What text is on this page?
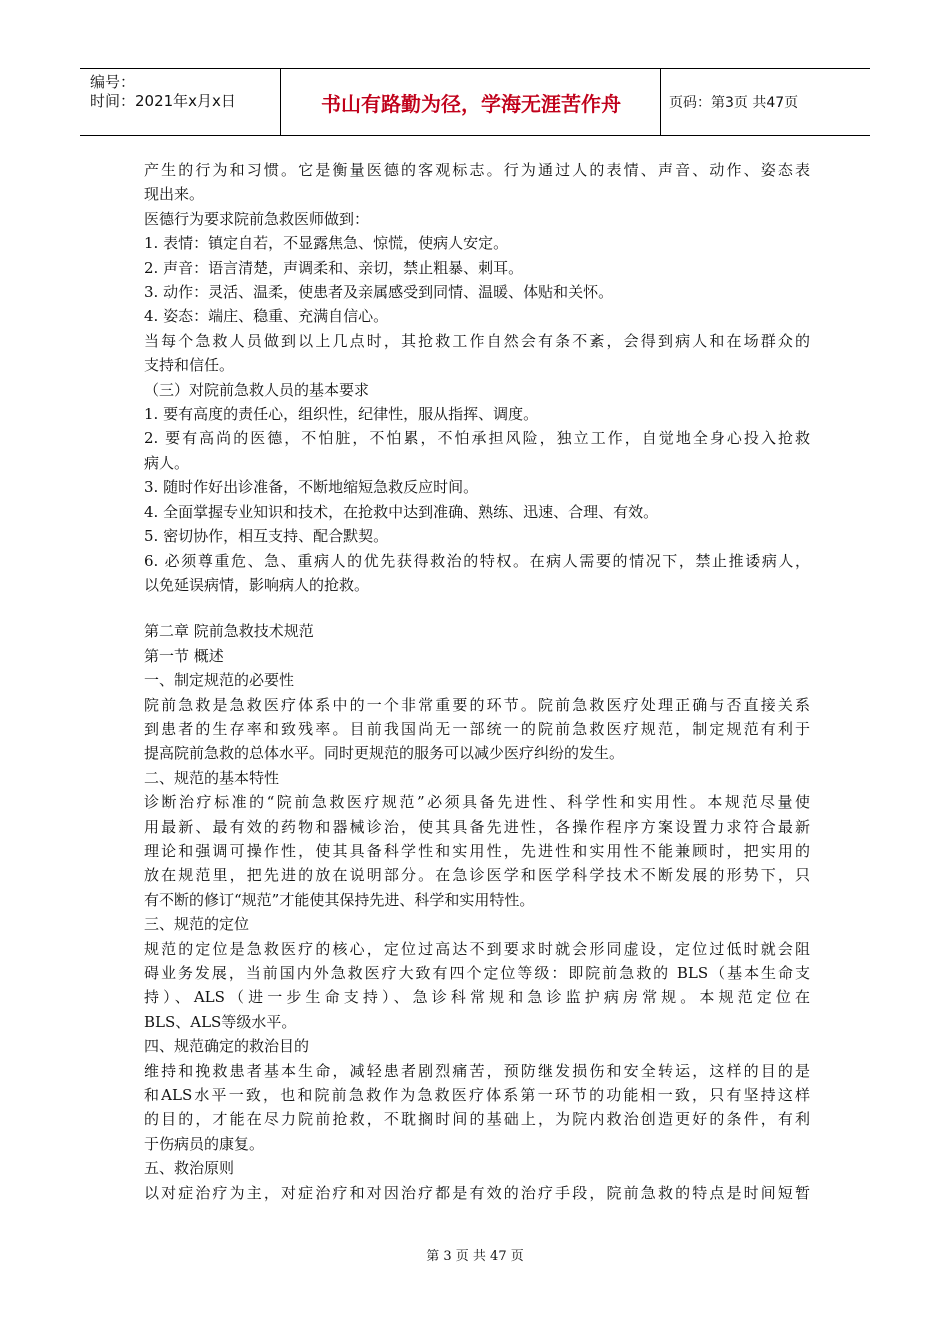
编号：
时间：2021年x月x日	书山有路勤为径，学海无涯苦作舟	页码：第3页 共47页
产生的行为和习惯。它是衡量医德的客观标志。行为通过人的表情、声音、动作、姿态表
现出来。
医德行为要求院前急救医师做到：
1. 表情：镇定自若，不显露焦急、惊慌，使病人安定。
2. 声音：语言清楚，声调柔和、亲切，禁止粗暴、刺耳。
3. 动作：灵活、温柔，使患者及亲属感受到同情、温暖、体贴和关怀。
4. 姿态：端庄、稳重、充满自信心。
当每个急救人员做到以上几点时，其抢救工作自然会有条不紊，会得到病人和在场群众的
支持和信任。
（三）对院前急救人员的基本要求
1. 要有高度的责任心，组织性，纪律性，服从指挥、调度。
2. 要有高尚的医德，不怕脏，不怕累，不怕承担风险，独立工作，自觉地全身心投入抢救
病人。
3. 随时作好出诊准备，不断地缩短急救反应时间。
4. 全面掌握专业知识和技术，在抢救中达到准确、熟练、迅速、合理、有效。
5. 密切协作，相互支持、配合默契。
6. 必须尊重危、急、重病人的优先获得救治的特权。在病人需要的情况下，禁止推诿病人，
以免延误病情，影响病人的抢救。
第二章 院前急救技术规范
第一节 概述
一、制定规范的必要性
院前急救是急救医疗体系中的一个非常重要的环节。院前急救医疗处理正确与否直接关系
到患者的生存率和致残率。目前我国尚无一部统一的院前急救医疗规范，制定规范有利于
提高院前急救的总体水平。同时更规范的服务可以减少医疗纠纷的发生。
二、规范的基本特性
诊断治疗标准的“院前急救医疗规范”必须具备先进性、科学性和实用性。本规范尽量使
用最新、最有效的药物和器械诊治，使其具备先进性，各操作程序方案设置力求符合最新
理论和强调可操作性，使其具备科学性和实用性，先进性和实用性不能兼顾时，把实用的
放在规范里，把先进的放在说明部分。在急诊医学和医学科学技术不断发展的形势下，只
有不断的修订“规范”才能使其保持先进、科学和实用特性。
三、规范的定位
规范的定位是急救医疗的核心，定位过高达不到要求时就会形同虚设，定位过低时就会阻
碍业务发展，当前国内外急救医疗大致有四个定位等级：即院前急救的 BLS（基本生命支
持）、ALS（进一步生命支持）、急诊科常规和急诊监护病房常规。本规范定位在
BLS、ALS等级水平。
四、规范确定的救治目的
维持和挽救患者基本生命，减轻患者剧烈痛苦，预防继发损伤和安全转运，这样的目的是
和ALS水平一致，也和院前急救作为急救医疗体系第一环节的功能相一致，只有坚持这样
的目的，才能在尽力院前抢救，不耽搁时间的基础上，为院内救治创造更好的条件，有利
于伤病员的康复。
五、救治原则
以对症治疗为主，对症治疗和对因治疗都是有效的治疗手段，院前急救的特点是时间短暂
第 3 页 共 47 页
